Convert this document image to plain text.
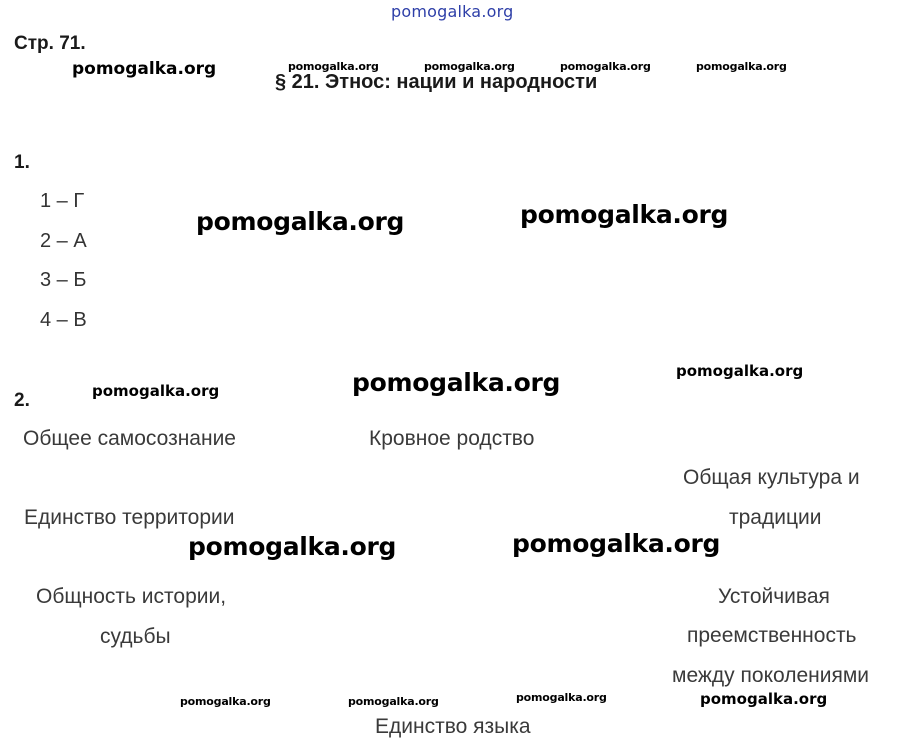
pomogalka.org
Стр. 71.
§ 21. Этнос: нации и народности
pomogalka.org	pomogalka.org	pomogalka.org	pomogalka.org	pomogalka.org
1.
1 – Г
2 – А
3 – Б
4 – В
pomogalka.org	pomogalka.org
pomogalka.org
pomogalka.org
pomogalka.org
2.
Общее самосознание	Кровное родство
Общая культура и
традиции
Единство территории
Общность истории,
судьбы
Устойчивая
преемственность
между поколениями
Единство языка
pomogalka.org	pomogalka.org
pomogalka.org	pomogalka.org	pomogalka.org	pomogalka.org
